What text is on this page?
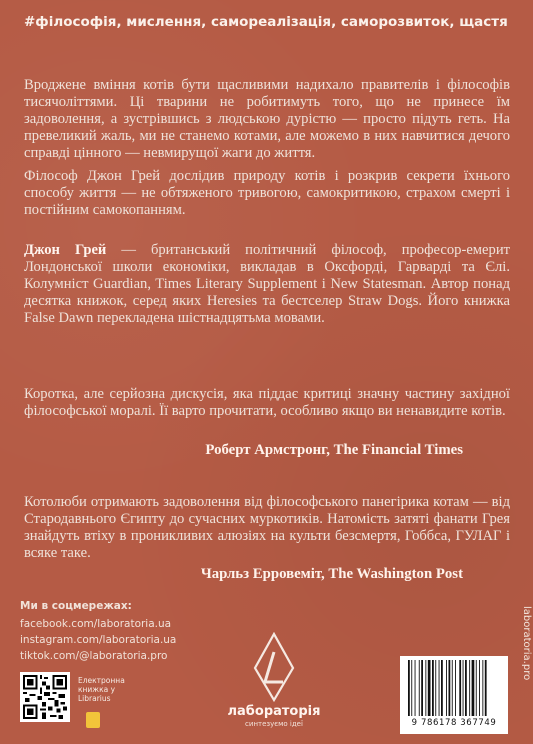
#філософія, мислення, самореалізація, саморозвиток, щастя

Вроджене вміння котів бути щасливими надихало правителів і філософів тисячоліттями. Ці тварини не робитимуть того, що не принесе їм задоволення, а зустрівшись з людською дурістю — просто підуть геть. На превеликий жаль, ми не станемо котами, але можемо в них навчитися дечого справді цінного — невмирущої жаги до життя.

Філософ Джон Грей дослідив природу котів і розкрив секрети їхнього способу життя — не обтяженого тривогою, самокритикою, страхом смерті і постійним самокопанням.

Джон Грей — британський політичний філософ, професор-емерит Лондонської школи економіки, викладав в Оксфорді, Гарварді та Єлі. Колумніст Guardian, Times Literary Supplement і New Statesman. Автор понад десятка книжок, серед яких Heresies та бестселер Straw Dogs. Його книжка False Dawn перекладена шістнадцятьма мовами.

Коротка, але серйозна дискусія, яка піддає критиці значну частину західної філософської моралі. Її варто прочитати, особливо якщо ви ненавидите котів.

Роберт Армстронг, The Financial Times

Котолюби отримають задоволення від філософського панегірика котам — від Стародавнього Єгипту до сучасних муркотиків. Натомість затяті фанати Грея знайдуть втіху в проникливих алюзіях на культи безсмертя, Гоббса, ГУЛАГ і всяке таке.

Чарльз Ерровеміт, The Washington Post
Ми в соцмережах:
facebook.com/laboratoria.ua
instagram.com/laboratoria.ua
tiktok.com/@laboratoria.pro
Електронна книжка у Librarius
лабораторія
синтезуємо ідеї	9 786178 367749
laboratoria.pro
